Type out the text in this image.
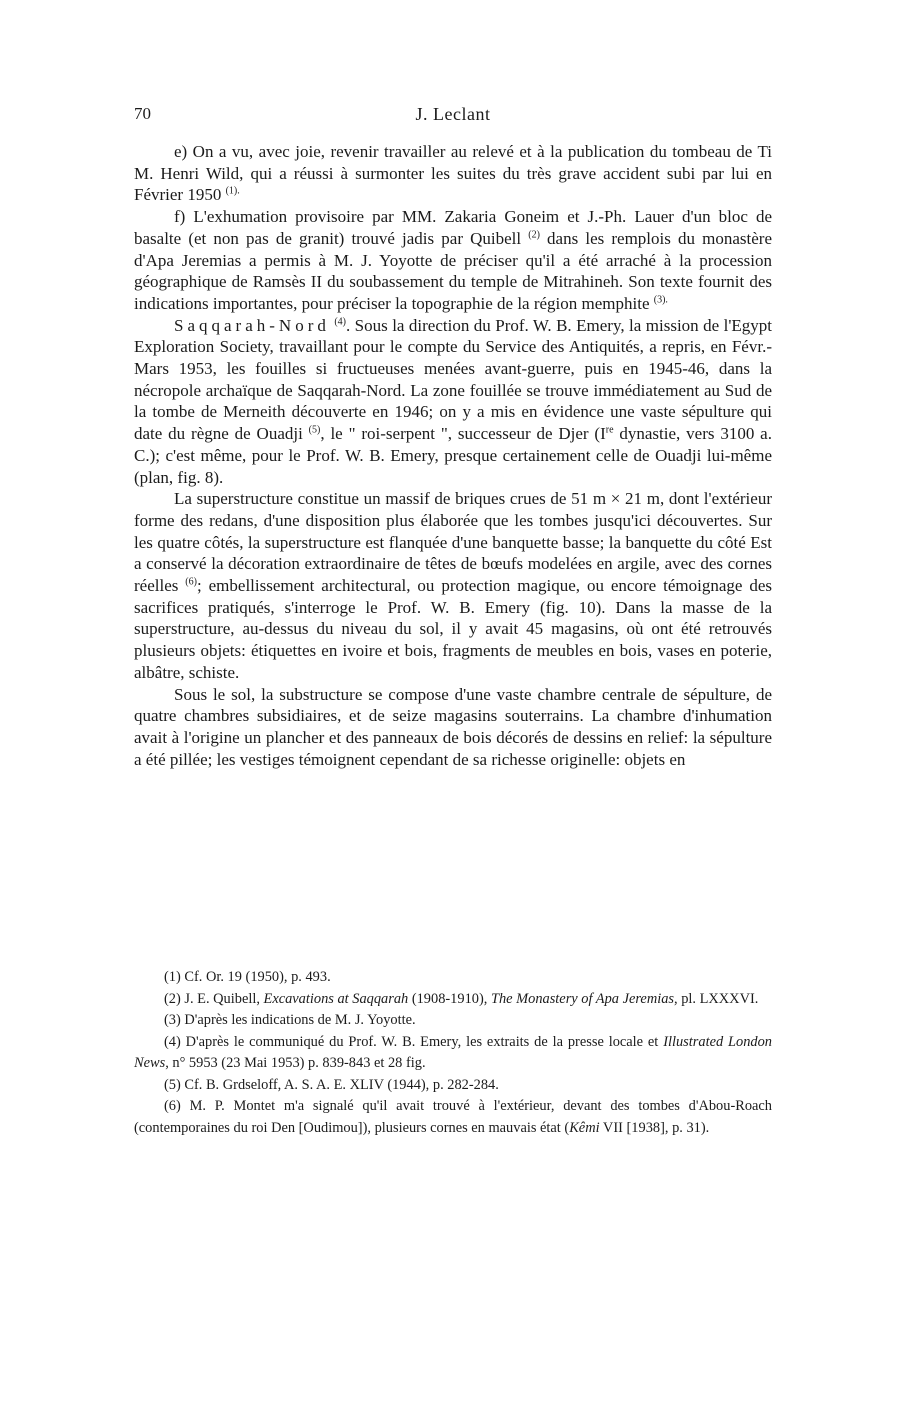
70	J. Leclant

e) On a vu, avec joie, revenir travailler au relevé et à la publication du tombeau de Ti M. Henri Wild, qui a réussi à surmonter les suites du très grave accident subi par lui en Février 1950 $^{(1).}$

f) L'exhumation provisoire par MM. Zakaria Goneim et J.-Ph. Lauer d'un bloc de basalte (et non pas de granit) trouvé jadis par Quibell $^{(2)}$ dans les remplois du monastère d'Apa Jeremias a permis à M. J. Yoyotte de préciser qu'il a été arraché à la procession géographique de Ramsès II du soubassement du temple de Mitrahineh. Son texte fournit des indications importantes, pour préciser la topographie de la région memphite $^{(3).}$

Saqqarah-Nord $^{(4)}$. Sous la direction du Prof. W. B. Emery, la mission de l'Egypt Exploration Society, travaillant pour le compte du Service des Antiquités, a repris, en Févr.-Mars 1953, les fouilles si fructueuses menées avant-guerre, puis en 1945-46, dans la nécropole archaïque de Saqqarah-Nord. La zone fouillée se trouve immédiatement au Sud de la tombe de Merneith découverte en 1946; on y a mis en évidence une vaste sépulture qui date du règne de Ouadji $^{(5)}$, le " roi-serpent ", successeur de Djer (Ire dynastie, vers 3100 a. C.); c'est même, pour le Prof. W. B. Emery, presque certainement celle de Ouadji lui-même (plan, fig. 8).

La superstructure constitue un massif de briques crues de 51 m × 21 m, dont l'extérieur forme des redans, d'une disposition plus élaborée que les tombes jusqu'ici découvertes. Sur les quatre côtés, la superstructure est flanquée d'une banquette basse; la banquette du côté Est a conservé la décoration extraordinaire de têtes de bœufs modelées en argile, avec des cornes réelles $^{(6)}$; embellissement architectural, ou protection magique, ou encore témoignage des sacrifices pratiqués, s'interroge le Prof. W. B. Emery (fig. 10). Dans la masse de la superstructure, au-dessus du niveau du sol, il y avait 45 magasins, où ont été retrouvés plusieurs objets: étiquettes en ivoire et bois, fragments de meubles en bois, vases en poterie, albâtre, schiste.

Sous le sol, la substructure se compose d'une vaste chambre centrale de sépulture, de quatre chambres subsidiaires, et de seize magasins souterrains. La chambre d'inhumation avait à l'origine un plancher et des panneaux de bois décorés de dessins en relief: la sépulture a été pillée; les vestiges témoignent cependant de sa richesse originelle: objets en

(1) Cf. Or. 19 (1950), p. 493.

(2) J. E. Quibell, Excavations at Saqqarah (1908-1910), The Monastery of Apa Jeremias, pl. LXXXVI.

(3) D'après les indications de M. J. Yoyotte.

(4) D'après le communiqué du Prof. W. B. Emery, les extraits de la presse locale et Illustrated London News, n° 5953 (23 Mai 1953) p. 839-843 et 28 fig.

(5) Cf. B. Grdseloff, A. S. A. E. XLIV (1944), p. 282-284.

(6) M. P. Montet m'a signalé qu'il avait trouvé à l'extérieur, devant des tombes d'Abou-Roach (contemporaines du roi Den [Oudimou]), plusieurs cornes en mauvais état (Kêmi VII [1938], p. 31).
